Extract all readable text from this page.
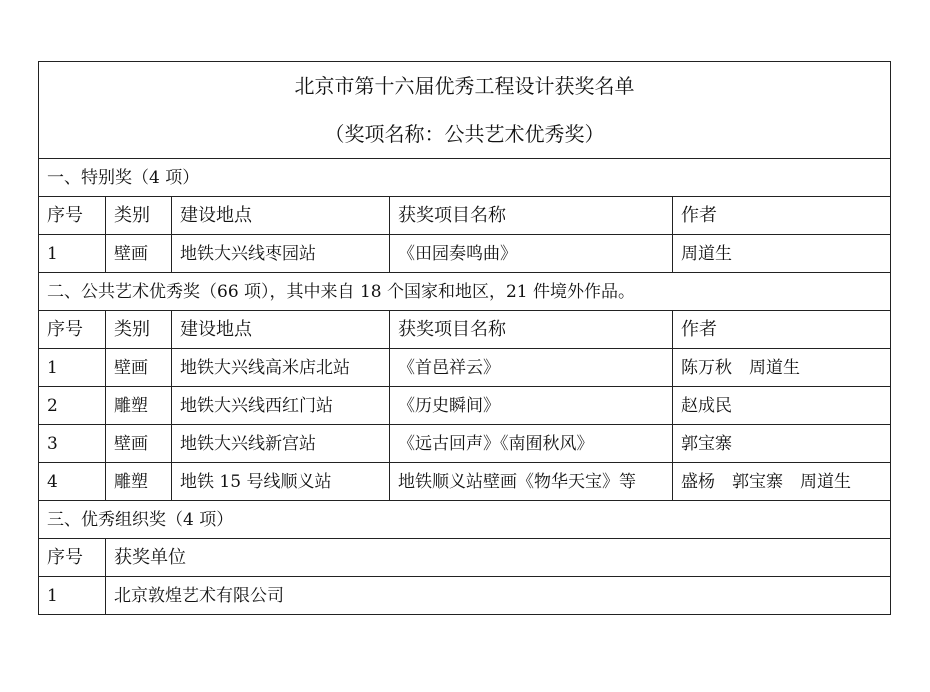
北京市第十六届优秀工程设计获奖名单
（奖项名称：公共艺术优秀奖）				

一、特别奖（4 项）				
序号	类别	建设地点	获奖项目名称	作者
1	壁画	地铁大兴线枣园站	《田园奏鸣曲》	周道生
二、公共艺术优秀奖（66 项），其中来自 18 个国家和地区，21 件境外作品。				
序号	类别	建设地点	获奖项目名称	作者
1	壁画	地铁大兴线高米店北站	《首邑祥云》	陈万秋　周道生
2	雕塑	地铁大兴线西红门站	《历史瞬间》	赵成民
3	壁画	地铁大兴线新宫站	《远古回声》《南囿秋风》	郭宝寨
4	雕塑	地铁 15 号线顺义站	地铁顺义站壁画《物华天宝》等	盛杨　郭宝寨　周道生
三、优秀组织奖（4 项）				
序号	获奖单位			
1	北京敦煌艺术有限公司			
